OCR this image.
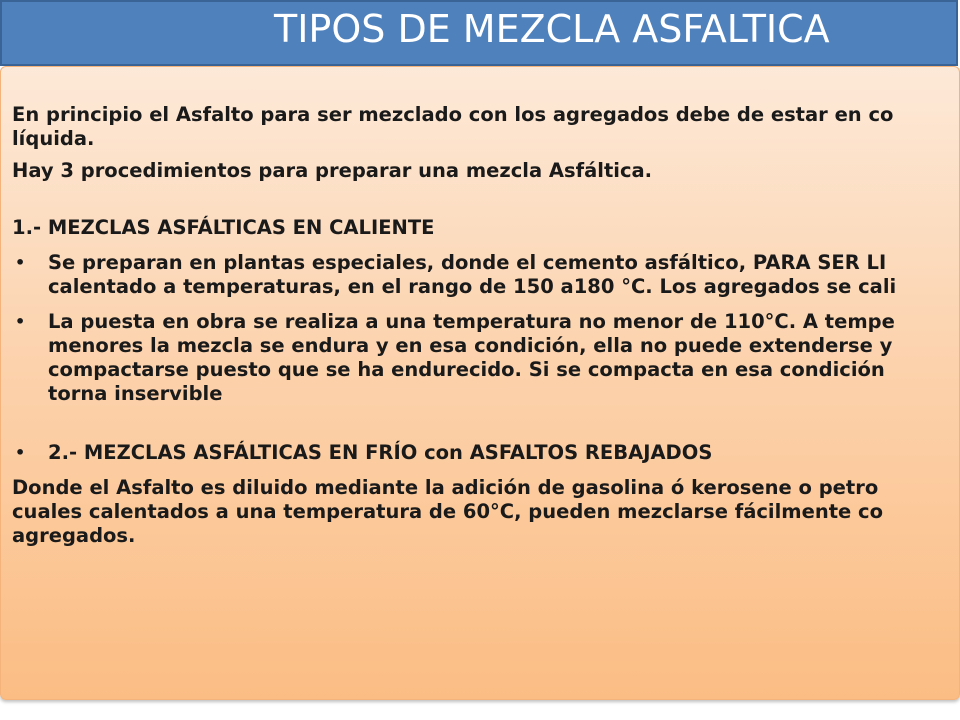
TIPOS DE MEZCLA ASFALTICA

En principio el Asfalto para ser mezclado con los agregados debe de estar en co

líquida.

Hay 3 procedimientos para preparar una mezcla Asfáltica.

1.- MEZCLAS ASFÁLTICAS EN CALIENTE

• Se preparan en plantas especiales, donde el cemento asfáltico, PARA SER LI
calentado a temperaturas, en el rango de 150 a180 °C. Los agregados se cali
• La puesta en obra se realiza a una temperatura no menor de 110°C. A tempe
menores la mezcla se endura y en esa condición, ella no puede extenderse y
compactarse puesto que se ha endurecido. Si se compacta en esa condición
torna inservible
• 2.- MEZCLAS ASFÁLTICAS EN FRÍO con ASFALTOS REBAJADOS

Donde el Asfalto es diluido mediante la adición de gasolina ó kerosene o petro

cuales calentados a una temperatura de 60°C, pueden mezclarse fácilmente co

agregados.
